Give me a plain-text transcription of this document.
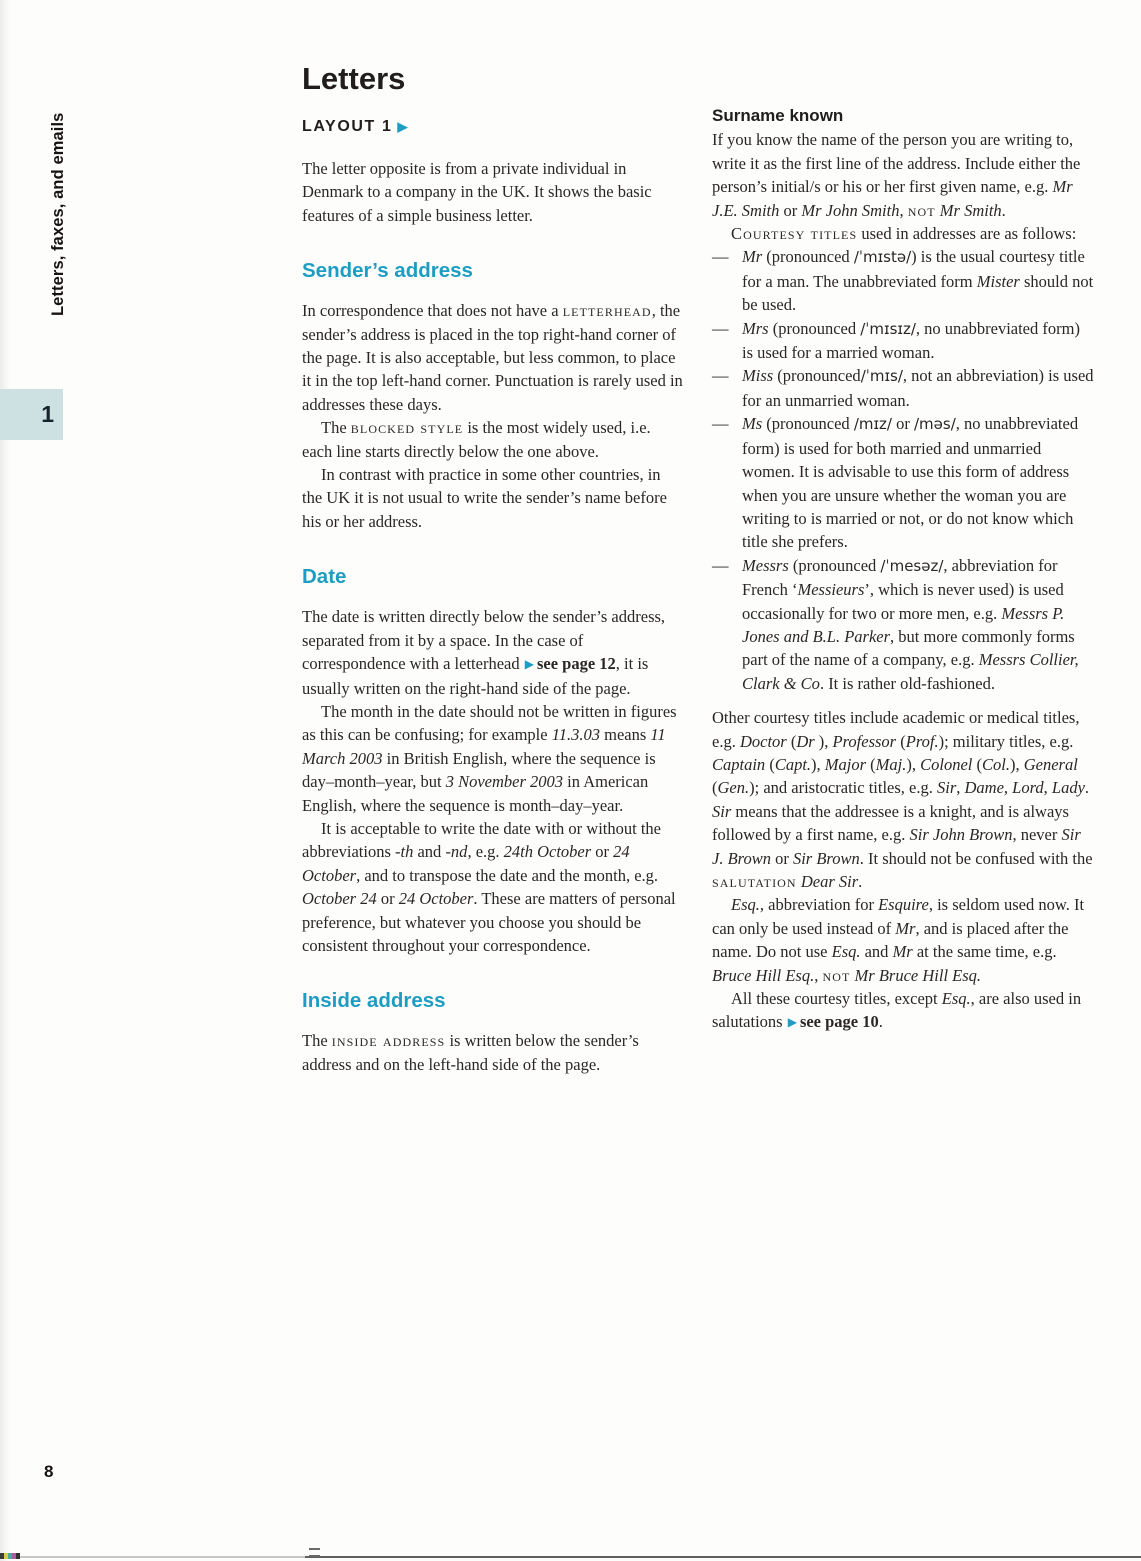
Letters, faxes, and emails
1
8
Letters
LAYOUT 1 ▶

The letter opposite is from a private individual in Denmark to a company in the UK. It shows the basic features of a simple business letter.

Sender’s address

In correspondence that does not have a letterhead, the sender’s address is placed in the top right-hand corner of the page. It is also acceptable, but less common, to place it in the top left-hand corner. Punctuation is rarely used in addresses these days.

The blocked style is the most widely used, i.e. each line starts directly below the one above.

In contrast with practice in some other countries, in the UK it is not usual to write the sender’s name before his or her address.

Date

The date is written directly below the sender’s address, separated from it by a space. In the case of correspondence with a letterhead ▶ see page 12, it is usually written on the right-hand side of the page.

The month in the date should not be written in figures as this can be confusing; for example 11.3.03 means 11 March 2003 in British English, where the sequence is day–month–year, but 3 November 2003 in American English, where the sequence is month–day–year.

It is acceptable to write the date with or without the abbreviations -th and -nd, e.g. 24th October or 24 October, and to transpose the date and the month, e.g. October 24 or 24 October. These are matters of personal preference, but whatever you choose you should be consistent throughout your correspondence.

Inside address

The inside address is written below the sender’s address and on the left-hand side of the page.

Surname known

If you know the name of the person you are writing to, write it as the first line of the address. Include either the person’s initial/s or his or her first given name, e.g. Mr J.E. Smith or Mr John Smith, not Mr Smith.

Courtesy titles used in addresses are as follows:

— Mr (pronounced /ˈmɪstə/) is the usual courtesy title for a man. The unabbreviated form Mister should not be used.

— Mrs (pronounced /ˈmɪsɪz/, no unabbreviated form) is used for a married woman.

— Miss (pronounced/ˈmɪs/, not an abbreviation) is used for an unmarried woman.

— Ms (pronounced /mɪz/ or /məs/, no unabbreviated form) is used for both married and unmarried women. It is advisable to use this form of address when you are unsure whether the woman you are writing to is married or not, or do not know which title she prefers.

— Messrs (pronounced /ˈmesəz/, abbreviation for French ‘Messieurs’, which is never used) is used occasionally for two or more men, e.g. Messrs P. Jones and B.L. Parker, but more commonly forms part of the name of a company, e.g. Messrs Collier, Clark & Co. It is rather old-fashioned.

Other courtesy titles include academic or medical titles, e.g. Doctor (Dr ), Professor (Prof.); military titles, e.g. Captain (Capt.), Major (Maj.), Colonel (Col.), General (Gen.); and aristocratic titles, e.g. Sir, Dame, Lord, Lady. Sir means that the addressee is a knight, and is always followed by a first name, e.g. Sir John Brown, never Sir J. Brown or Sir Brown. It should not be confused with the salutation Dear Sir.

Esq., abbreviation for Esquire, is seldom used now. It can only be used instead of Mr, and is placed after the name. Do not use Esq. and Mr at the same time, e.g. Bruce Hill Esq., not Mr Bruce Hill Esq.

All these courtesy titles, except Esq., are also used in salutations ▶ see page 10.
